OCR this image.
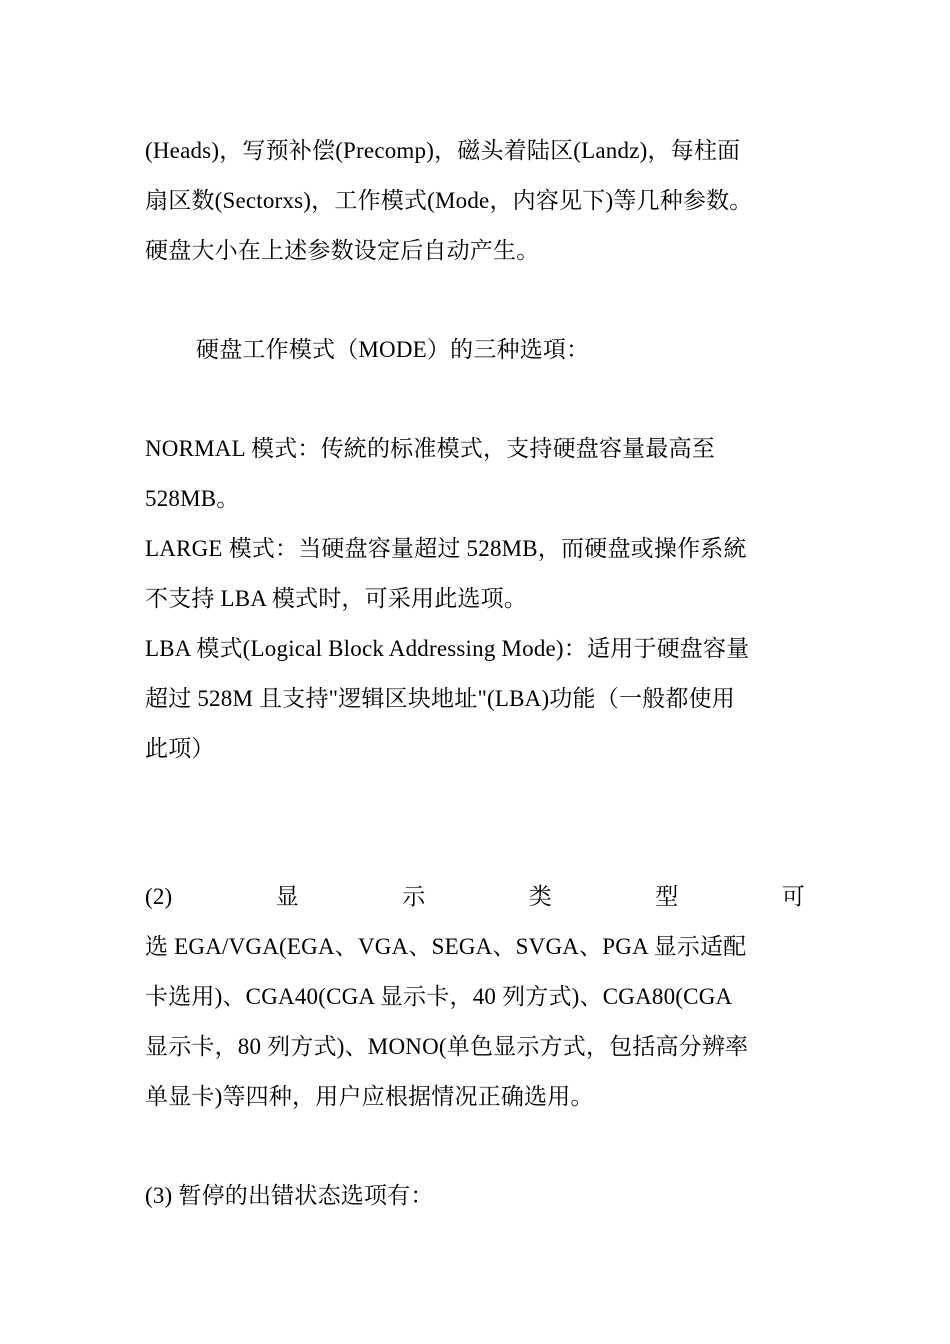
(Heads)，写预补偿(Precomp)，磁头着陆区(Landz)，每柱面
扇区数(Sectorxs)，工作模式(Mode，内容见下)等几种参数。
硬盘大小在上述参数设定后自动产生。
硬盘工作模式（MODE）的三种选項：
NORMAL 模式：传統的标准模式，支持硬盘容量最高至
528MB。
LARGE 模式：当硬盘容量超过 528MB，而硬盘或操作系統
不支持 LBA 模式时，可采用此选项。
LBA 模式(Logical Block Addressing Mode)：适用于硬盘容量
超过 528M 且支持"逻辑区块地址"(LBA)功能（一般都使用
此项）
(2)	显	示	类	型	可
选 EGA/VGA(EGA、VGA、SEGA、SVGA、PGA 显示适配
卡选用)、CGA40(CGA 显示卡，40 列方式)、CGA80(CGA
显示卡，80 列方式)、MONO(单色显示方式，包括高分辨率
单显卡)等四种，用户应根据情况正确选用。
(3) 暂停的出错状态选项有：
